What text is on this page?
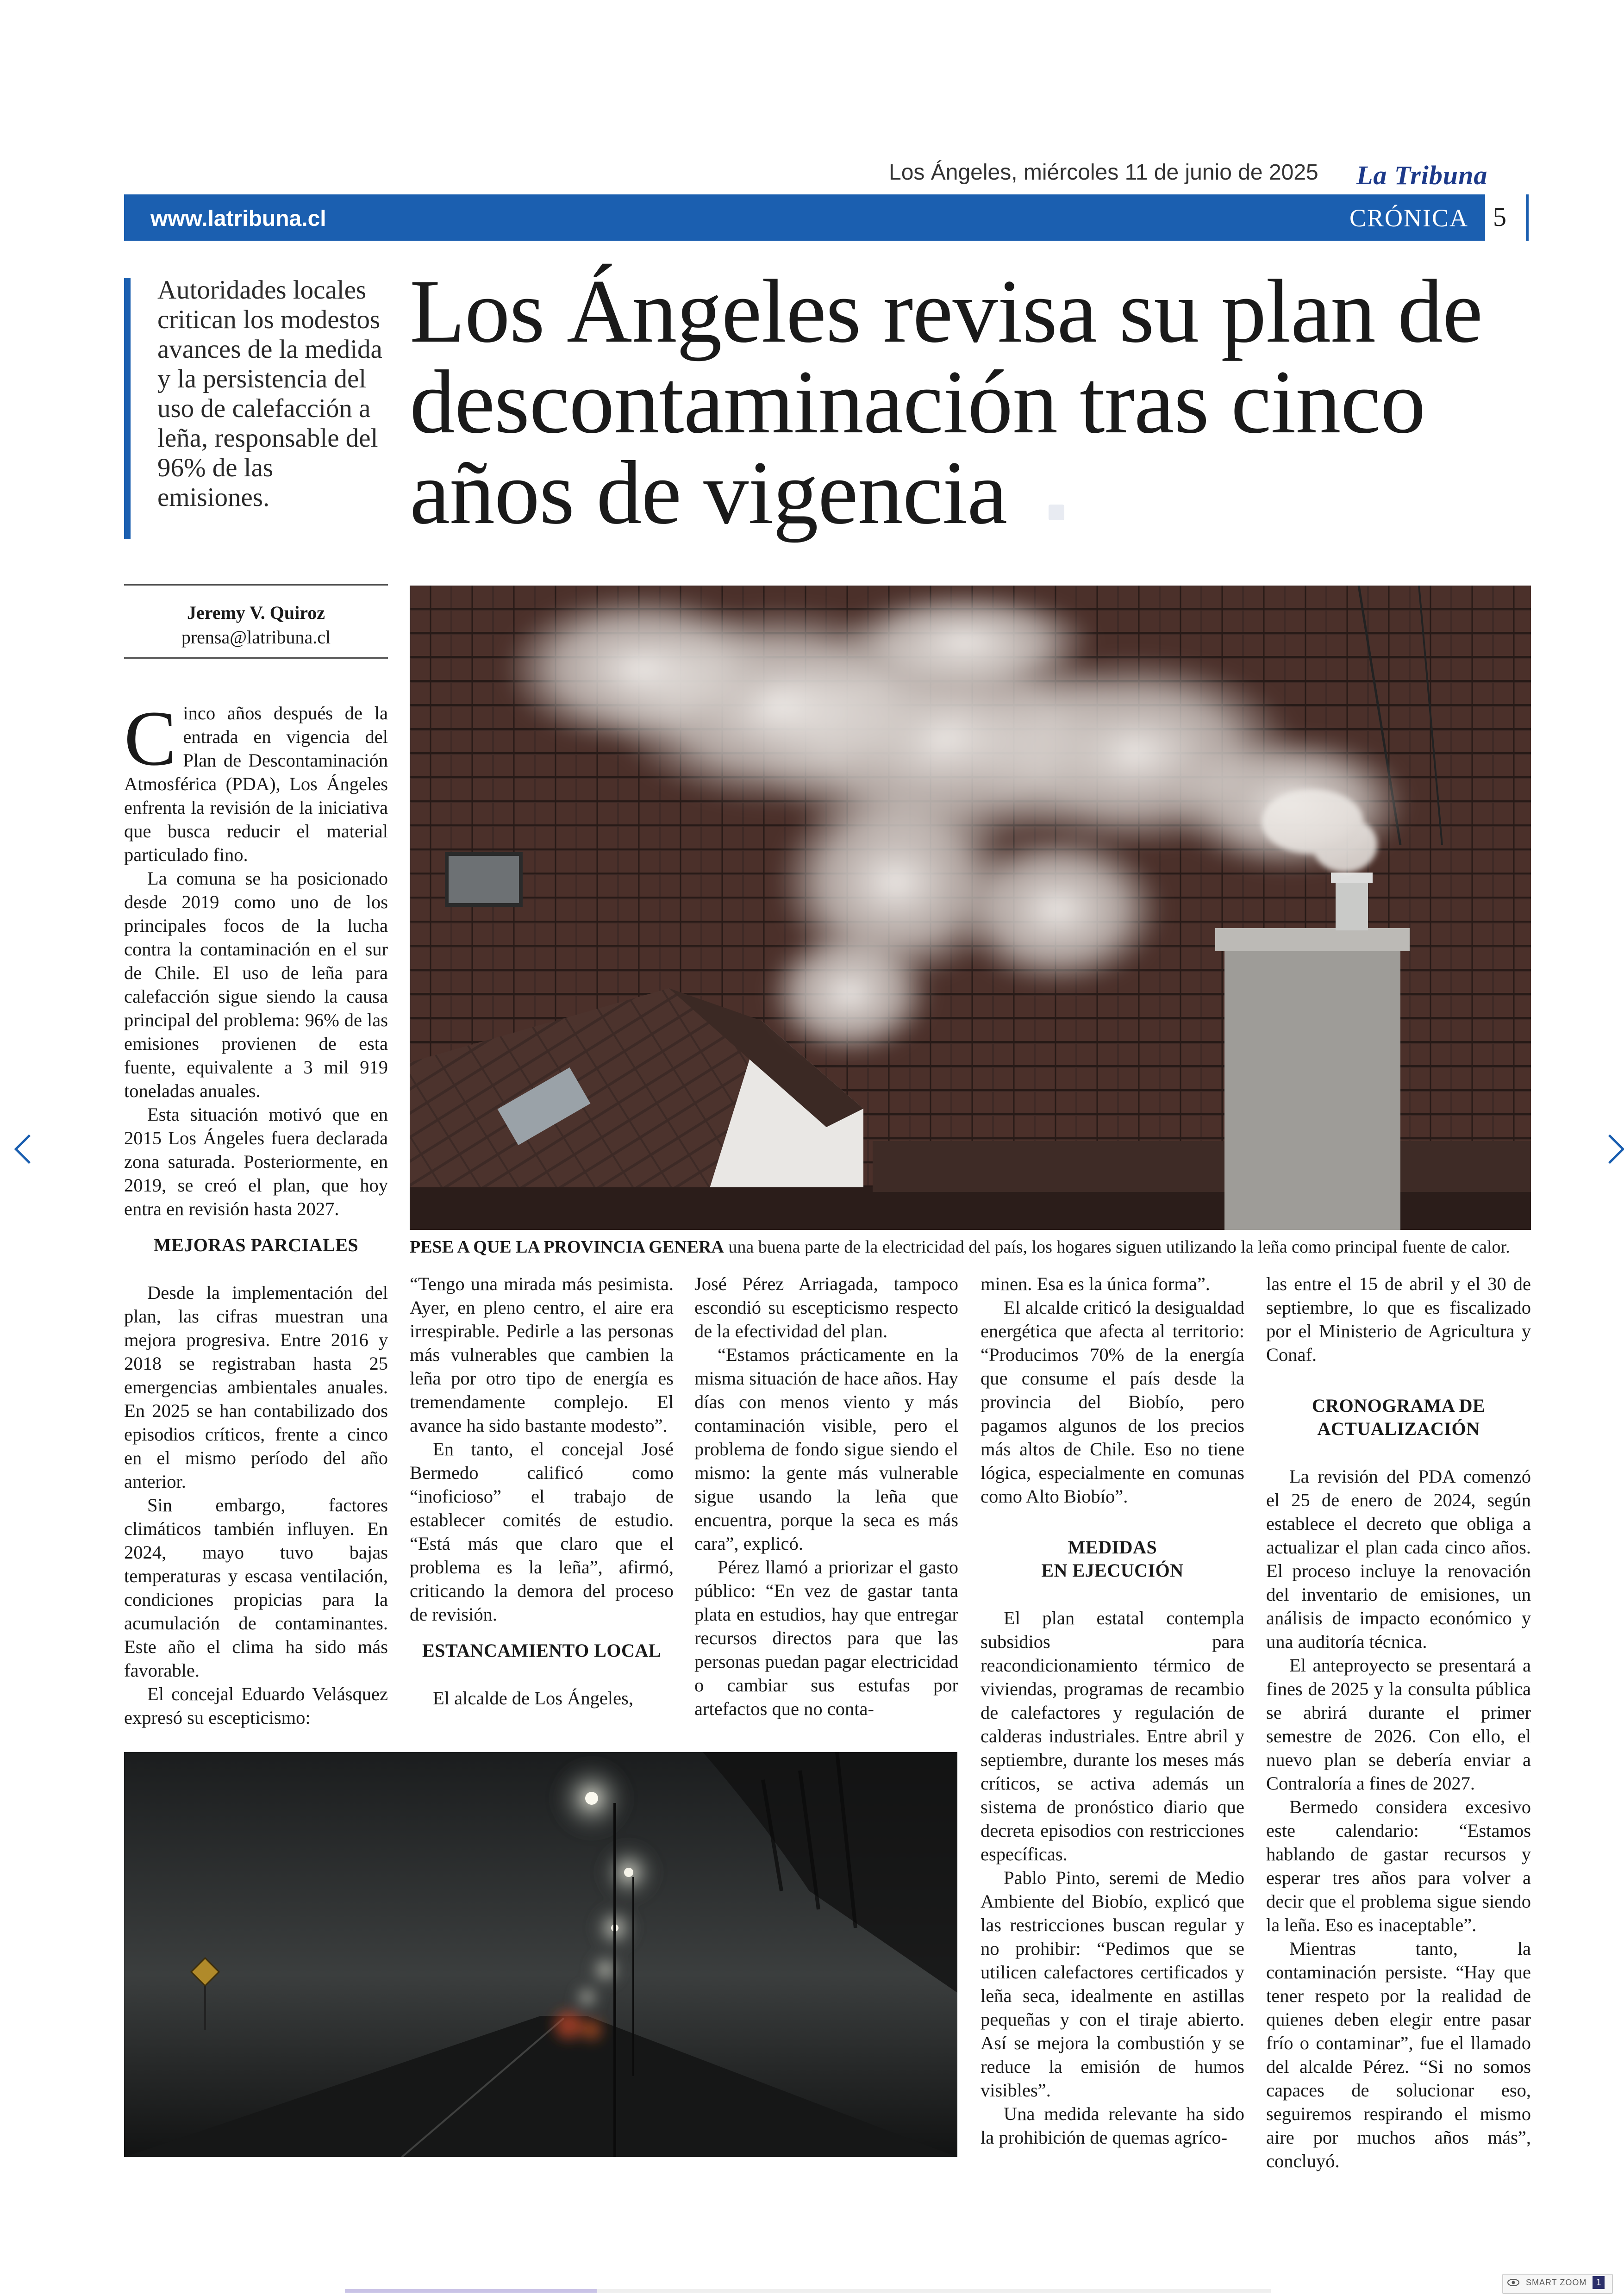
Los Ángeles, miércoles 11 de junio de 2025 La Tribuna
www.latribuna.cl	CRÓNICA 5
Autoridades locales critican los modestos avances de la medida y la persistencia del uso de calefacción a leña, responsable del 96% de las emisiones.
Los Ángeles revisa su plan de descontaminación tras cinco años de vigencia
Jeremy V. Quiroz
prensa@latribuna.cl
PESE A QUE LA PROVINCIA GENERA una buena parte de la electricidad del país, los hogares siguen utilizando la leña como principal fuente de calor.

Cinco años después de la entrada en vigencia del Plan de Descontaminación Atmosférica (PDA), Los Ángeles enfrenta la revisión de la iniciativa que busca reducir el material particulado fino.

La comuna se ha posicionado desde 2019 como uno de los principales focos de la lucha contra la contaminación en el sur de Chile. El uso de leña para calefacción sigue siendo la causa principal del problema: 96% de las emisiones provienen de esta fuente, equivalente a 3 mil 919 toneladas anuales.

Esta situación motivó que en 2015 Los Ángeles fuera declarada zona saturada. Posteriormente, en 2019, se creó el plan, que hoy entra en revisión hasta 2027.

MEJORAS PARCIALES

Desde la implementación del plan, las cifras muestran una mejora progresiva. Entre 2016 y 2018 se registraban hasta 25 emergencias ambientales anuales. En 2025 se han contabilizado dos episodios críticos, frente a cinco en el mismo período del año anterior.

Sin embargo, factores climáticos también influyen. En 2024, mayo tuvo bajas temperaturas y escasa ventilación, condiciones propicias para la acumulación de contaminantes. Este año el clima ha sido más favorable.

El concejal Eduardo Velásquez expresó su escepticismo:

“Tengo una mirada más pesimista. Ayer, en pleno centro, el aire era irrespirable. Pedirle a las personas más vulnerables que cambien la leña por otro tipo de energía es tremendamente complejo. El avance ha sido bastante modesto”.

En tanto, el concejal José Bermedo calificó como “inoficioso” el trabajo de establecer comités de estudio. “Está más que claro que el problema es la leña”, afirmó, criticando la demora del proceso de revisión.

ESTANCAMIENTO LOCAL

El alcalde de Los Ángeles,

José Pérez Arriagada, tampoco escondió su escepticismo respecto de la efectividad del plan.

“Estamos prácticamente en la misma situación de hace años. Hay días con menos viento y más contaminación visible, pero el problema de fondo sigue siendo el mismo: la gente más vulnerable sigue usando la leña que encuentra, porque la seca es más cara”, explicó.

Pérez llamó a priorizar el gasto público: “En vez de gastar tanta plata en estudios, hay que entregar recursos directos para que las personas puedan pagar electricidad o cambiar sus estufas por artefactos que no conta-

minen. Esa es la única forma”.

El alcalde criticó la desigualdad energética que afecta al territorio: “Producimos 70% de la energía que consume el país desde la provincia del Biobío, pero pagamos algunos de los precios más altos de Chile. Eso no tiene lógica, especialmente en comunas como Alto Biobío”.

MEDIDAS
EN EJECUCIÓN

El plan estatal contempla subsidios para reacondicionamiento térmico de viviendas, programas de recambio de calefactores y regulación de calderas industriales. Entre abril y septiembre, durante los meses más críticos, se activa además un sistema de pronóstico diario que decreta episodios con restricciones específicas.

Pablo Pinto, seremi de Medio Ambiente del Biobío, explicó que las restricciones buscan regular y no prohibir: “Pedimos que se utilicen calefactores certificados y leña seca, idealmente en astillas pequeñas y con el tiraje abierto. Así se mejora la combustión y se reduce la emisión de humos visibles”.

Una medida relevante ha sido la prohibición de quemas agríco-

las entre el 15 de abril y el 30 de septiembre, lo que es fiscalizado por el Ministerio de Agricultura y Conaf.

CRONOGRAMA DE
ACTUALIZACIÓN

La revisión del PDA comenzó el 25 de enero de 2024, según establece el decreto que obliga a actualizar el plan cada cinco años. El proceso incluye la renovación del inventario de emisiones, un análisis de impacto económico y una auditoría técnica.

El anteproyecto se presentará a fines de 2025 y la consulta pública se abrirá durante el primer semestre de 2026. Con ello, el nuevo plan se debería enviar a Contraloría a fines de 2027.

Bermedo considera excesivo este calendario: “Estamos hablando de gastar recursos y esperar tres años para volver a decir que el problema sigue siendo la leña. Eso es inaceptable”.

Mientras tanto, la contaminación persiste. “Hay que tener respeto por la realidad de quienes deben elegir entre pasar frío o contaminar”, fue el llamado del alcalde Pérez. “Si no somos capaces de solucionar eso, seguiremos respirando el mismo aire por muchos años más”, concluyó.

SMART ZOOM	1
